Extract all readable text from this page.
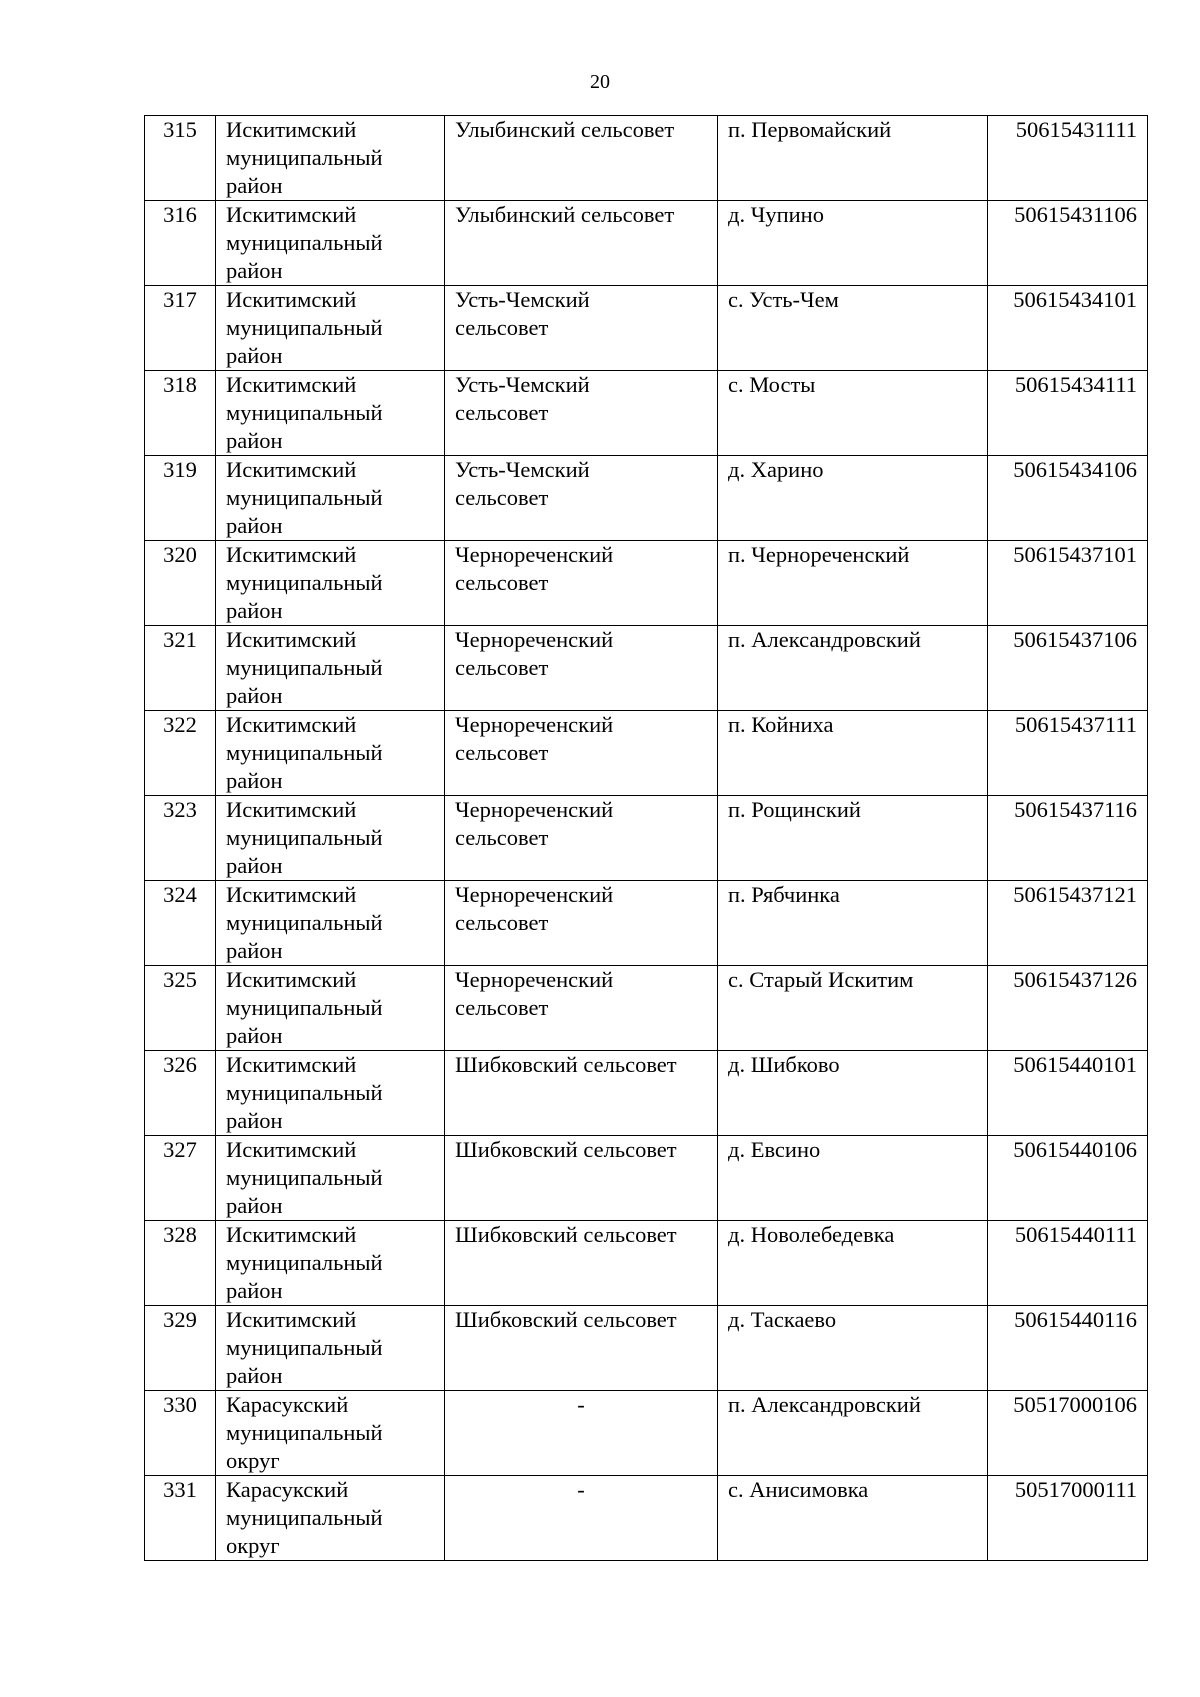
20
315	Искитимский
муниципальный
район	Улыбинский сельсовет	п. Первомайский	50615431111
316	Искитимский
муниципальный
район	Улыбинский сельсовет	д. Чупино	50615431106
317	Искитимский
муниципальный
район	Усть-Чемский
сельсовет	с. Усть-Чем	50615434101
318	Искитимский
муниципальный
район	Усть-Чемский
сельсовет	с. Мосты	50615434111
319	Искитимский
муниципальный
район	Усть-Чемский
сельсовет	д. Харино	50615434106
320	Искитимский
муниципальный
район	Чернореченский
сельсовет	п. Чернореченский	50615437101
321	Искитимский
муниципальный
район	Чернореченский
сельсовет	п. Александровский	50615437106
322	Искитимский
муниципальный
район	Чернореченский
сельсовет	п. Койниха	50615437111
323	Искитимский
муниципальный
район	Чернореченский
сельсовет	п. Рощинский	50615437116
324	Искитимский
муниципальный
район	Чернореченский
сельсовет	п. Рябчинка	50615437121
325	Искитимский
муниципальный
район	Чернореченский
сельсовет	с. Старый Искитим	50615437126
326	Искитимский
муниципальный
район	Шибковский сельсовет	д. Шибково	50615440101
327	Искитимский
муниципальный
район	Шибковский сельсовет	д. Евсино	50615440106
328	Искитимский
муниципальный
район	Шибковский сельсовет	д. Новолебедевка	50615440111
329	Искитимский
муниципальный
район	Шибковский сельсовет	д. Таскаево	50615440116
330	Карасукский
муниципальный
округ	-	п. Александровский	50517000106
331	Карасукский
муниципальный
округ	-	с. Анисимовка	50517000111
